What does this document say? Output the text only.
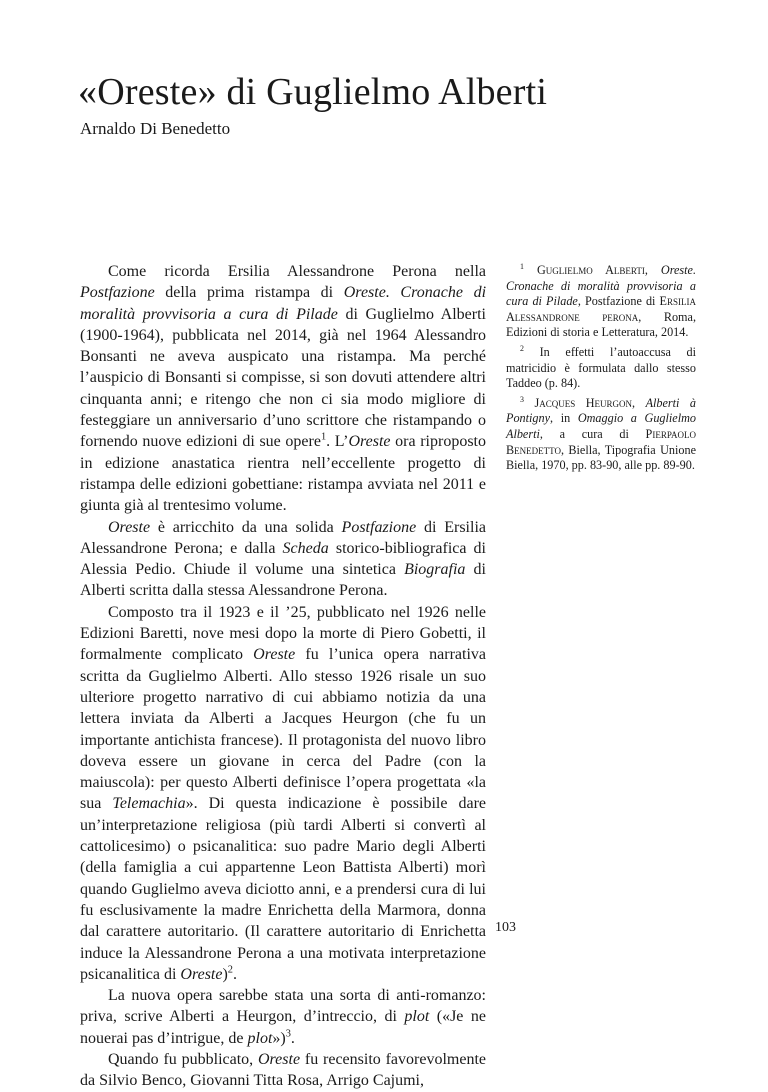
«Oreste» di Guglielmo Alberti
Arnaldo Di Benedetto

Come ricorda Ersilia Alessandrone Perona nella Postfazione della prima ristampa di Oreste. Cronache di moralità provvisoria a cura di Pilade di Guglielmo Alberti (1900-1964), pubblicata nel 2014, già nel 1964 Alessandro Bonsanti ne aveva auspicato una ristampa. Ma perché l’auspicio di Bonsanti si compisse, si son dovuti attendere altri cinquanta anni; e ritengo che non ci sia modo migliore di festeggiare un anniversario d’uno scrittore che ristampando o fornendo nuove edizioni di sue opere$^1$. L’Oreste ora riproposto in edizione anastatica rientra nell’eccellente progetto di ristampa delle edizioni gobettiane: ristampa avviata nel 2011 e giunta già al trentesimo volume.

Oreste è arricchito da una solida Postfazione di Ersilia Alessandrone Perona; e dalla Scheda storico-bibliografica di Alessia Pedio. Chiude il volume una sintetica Biografia di Alberti scritta dalla stessa Alessandrone Perona.

Composto tra il 1923 e il ’25, pubblicato nel 1926 nelle Edizioni Baretti, nove mesi dopo la morte di Piero Gobetti, il formalmente complicato Oreste fu l’unica opera narrativa scritta da Guglielmo Alberti. Allo stesso 1926 risale un suo ulteriore progetto narrativo di cui abbiamo notizia da una lettera inviata da Alberti a Jacques Heurgon (che fu un importante antichista francese). Il protagonista del nuovo libro doveva essere un giovane in cerca del Padre (con la maiuscola): per questo Alberti definisce l’opera progettata «la sua Telemachia». Di questa indicazione è possibile dare un’interpretazione religiosa (più tardi Alberti si convertì al cattolicesimo) o psicanalitica: suo padre Mario degli Alberti (della famiglia a cui appartenne Leon Battista Alberti) morì quando Guglielmo aveva diciotto anni, e a prendersi cura di lui fu esclusivamente la madre Enrichetta della Marmora, donna dal carattere autoritario. (Il carattere autoritario di Enrichetta induce la Alessandrone Perona a una motivata interpretazione psicanalitica di Oreste)$^2$.

La nuova opera sarebbe stata una sorta di anti-romanzo: priva, scrive Alberti a Heurgon, d’intreccio, di plot («Je ne nouerai pas d’intrigue, de plot»)$^3$.

Quando fu pubblicato, Oreste fu recensito favorevolmente da Silvio Benco, Giovanni Titta Rosa, Arrigo Cajumi,

$^1$ Guglielmo Alberti, Oreste. Cronache di moralità provvisoria a cura di Pilade, Postfazione di Ersilia Alessandrone perona, Roma, Edizioni di storia e Letteratura, 2014.

$^2$ In effetti l’autoaccusa di matricidio è formulata dallo stesso Taddeo (p. 84).

$^3$ Jacques Heurgon, Alberti à Pontigny, in Omaggio a Guglielmo Alberti, a cura di Pierpaolo Benedetto, Biella, Tipografia Unione Biella, 1970, pp. 83-90, alle pp. 89-90.

103
